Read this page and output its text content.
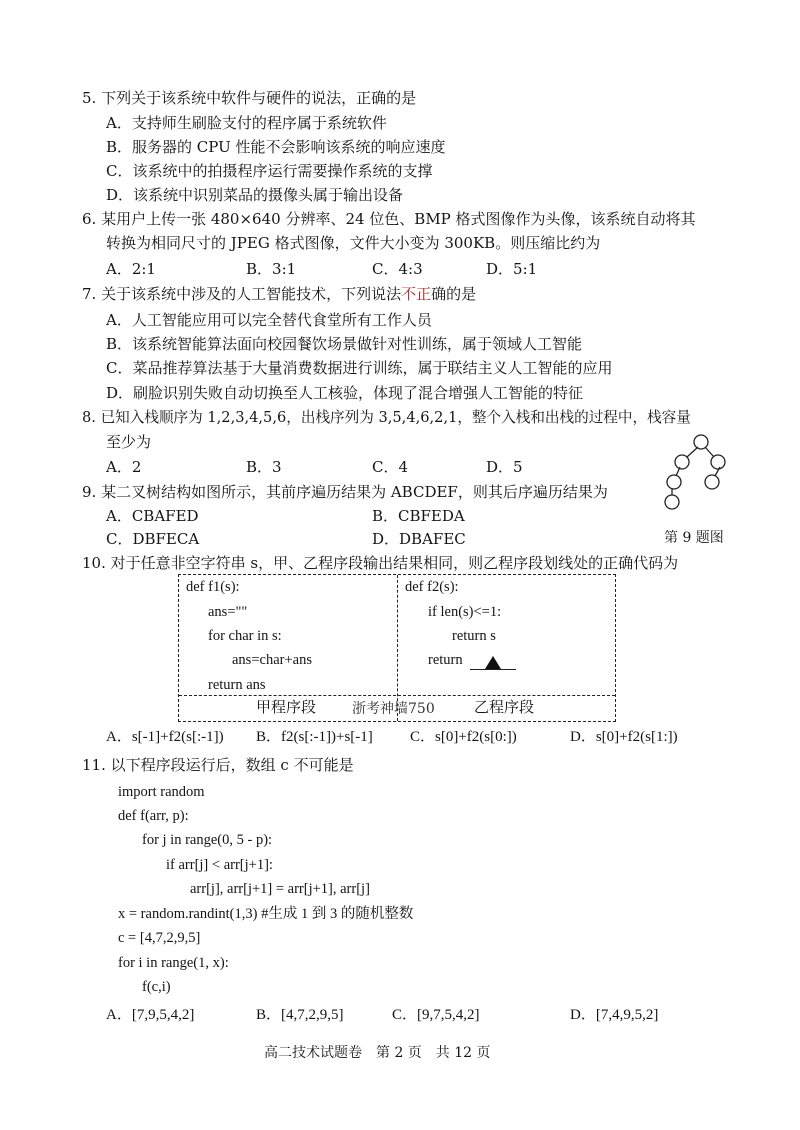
5. 下列关于该系统中软件与硬件的说法，正确的是
A．支持师生刷脸支付的程序属于系统软件
B．服务器的 CPU 性能不会影响该系统的响应速度
C．该系统中的拍摄程序运行需要操作系统的支撑
D．该系统中识别菜品的摄像头属于输出设备
6. 某用户上传一张 480×640 分辨率、24 位色、BMP 格式图像作为头像，该系统自动将其
转换为相同尺寸的 JPEG 格式图像，文件大小变为 300KB。则压缩比约为
A．2:1	B．3:1	C．4:3	D．5:1
7. 关于该系统中涉及的人工智能技术，下列说法不正确的是
A．人工智能应用可以完全替代食堂所有工作人员
B．该系统智能算法面向校园餐饮场景做针对性训练，属于领域人工智能
C．菜品推荐算法基于大量消费数据进行训练，属于联结主义人工智能的应用
D．刷脸识别失败自动切换至人工核验，体现了混合增强人工智能的特征
8. 已知入栈顺序为 1,2,3,4,5,6，出栈序列为 3,5,4,6,2,1，整个入栈和出栈的过程中，栈容量
至少为
A．2	B．3	C．4	D．5
9. 某二叉树结构如图所示，其前序遍历结果为 ABCDEF，则其后序遍历结果为
A．CBAFED	B．CBFEDA
C．DBFECA	D．DBAFEC	第 9 题图
10. 对于任意非空字符串 s，甲、乙程序段输出结果相同，则乙程序段划线处的正确代码为
def f1(s):
ans=""
for char in s:
ans=char+ans
return ans
def f2(s):
if len(s)<=1:
return s
return
甲程序段	浙考神墙750	乙程序段
A．s[-1]+f2(s[:-1]) B．f2(s[:-1])+s[-1] C．s[0]+f2(s[0:])	D．s[0]+f2(s[1:])
11. 以下程序段运行后，数组 c 不可能是
import random
def f(arr, p):
for j in range(0, 5 - p):
if arr[j] < arr[j+1]:
arr[j], arr[j+1] = arr[j+1], arr[j]
x = random.randint(1,3) #生成 1 到 3 的随机整数
c = [4,7,2,9,5]
for i in range(1, x):
f(c,i)
A．[7,9,5,4,2]	B．[4,7,2,9,5]	C．[9,7,5,4,2]	D．[7,4,9,5,2]
高二技术试题卷　第 2 页　共 12 页
